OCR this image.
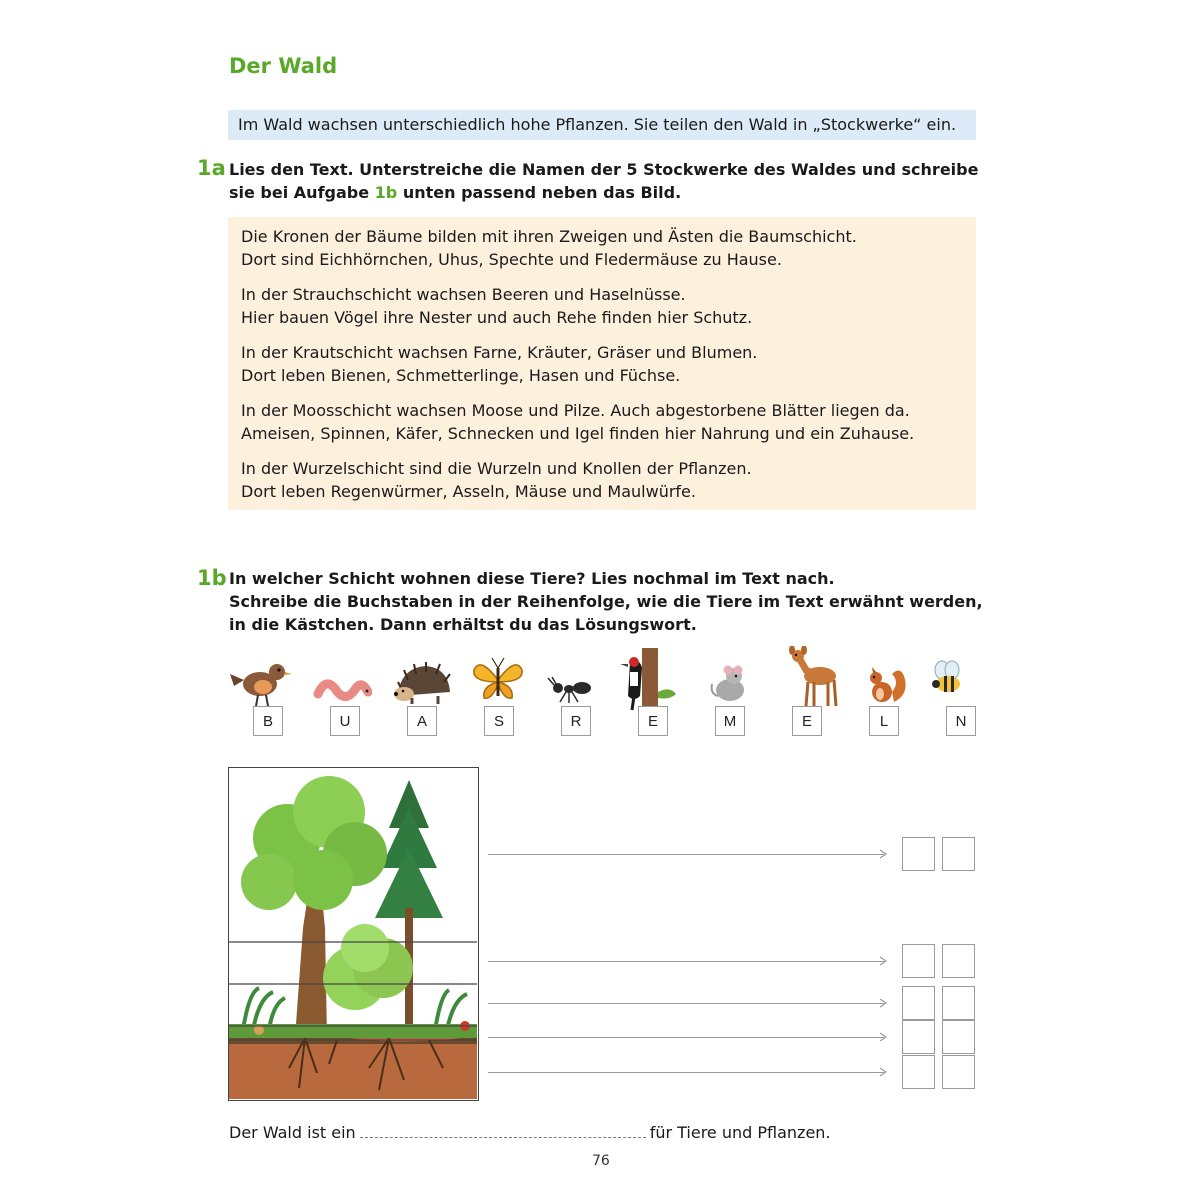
Der Wald
Im Wald wachsen unterschiedlich hohe Pflanzen. Sie teilen den Wald in „Stockwerke“ ein.
1a Lies den Text. Unterstreiche die Namen der 5 Stockwerke des Waldes und schreibe
sie bei Aufgabe 1b unten passend neben das Bild.

Die Kronen der Bäume bilden mit ihren Zweigen und Ästen die Baumschicht.
Dort sind Eichhörnchen, Uhus, Spechte und Fledermäuse zu Hause.

In der Strauchschicht wachsen Beeren und Haselnüsse.
Hier bauen Vögel ihre Nester und auch Rehe finden hier Schutz.

In der Krautschicht wachsen Farne, Kräuter, Gräser und Blumen.
Dort leben Bienen, Schmetterlinge, Hasen und Füchse.

In der Moosschicht wachsen Moose und Pilze. Auch abgestorbene Blätter liegen da.
Ameisen, Spinnen, Käfer, Schnecken und Igel finden hier Nahrung und ein Zuhause.

In der Wurzelschicht sind die Wurzeln und Knollen der Pflanzen.
Dort leben Regenwürmer, Asseln, Mäuse und Maulwürfe.

1b In welcher Schicht wohnen diese Tiere? Lies nochmal im Text nach.
Schreibe die Buchstaben in der Reihenfolge, wie die Tiere im Text erwähnt werden,
in die Kästchen. Dann erhältst du das Lösungswort.
B	U	A	S	R	E	M	E	L	N
Der Wald ist ein	für Tiere und Pflanzen.
76
